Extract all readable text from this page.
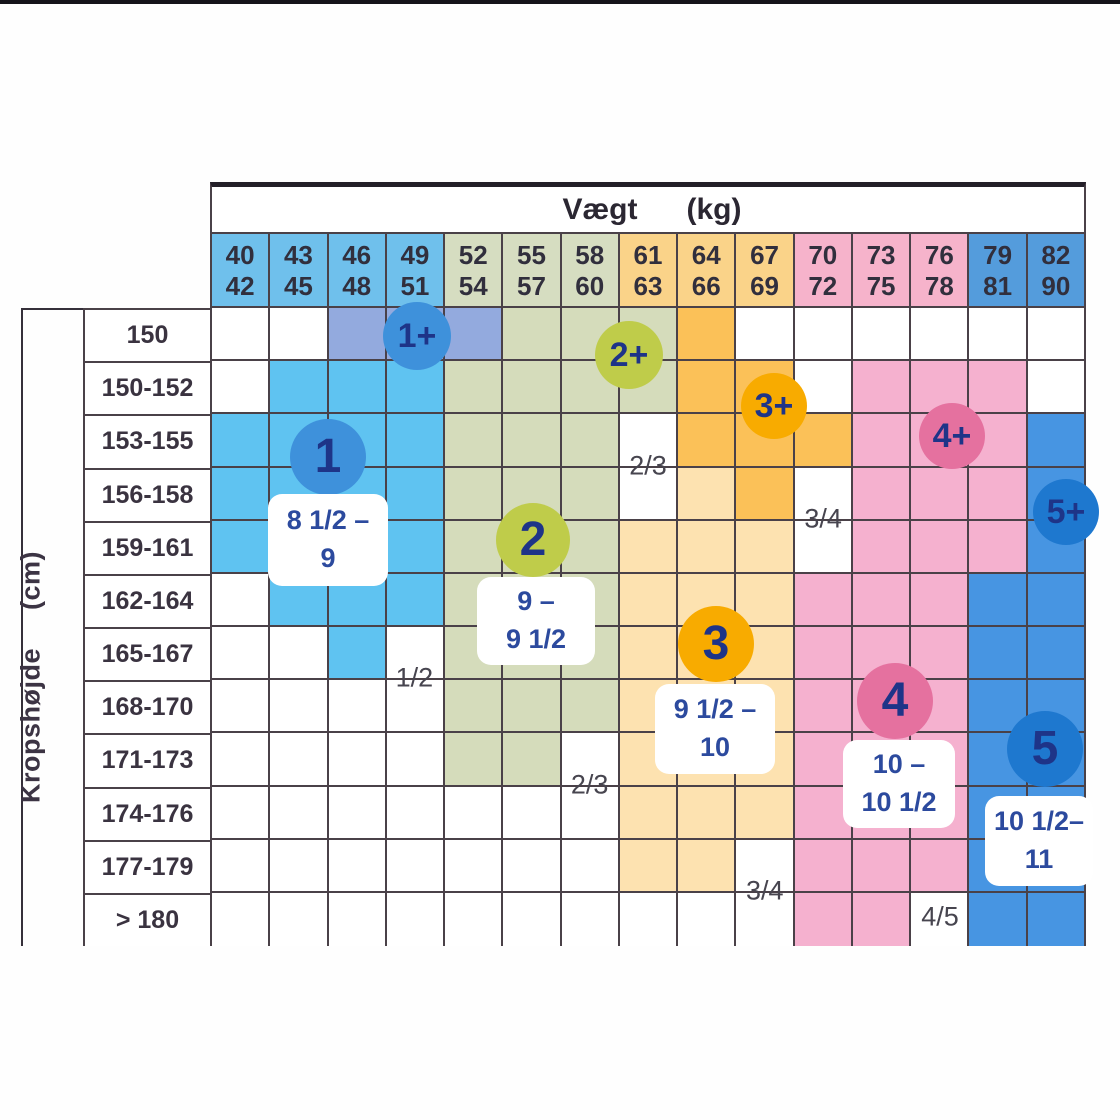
Vægt (kg)
40
42
43
45
46
48
49
51
52
54
55
57
58
60
61
63
64
66
67
69
70
72
73
75
76
78
79
81
82
90
Kropshøjde(cm)
150
150-152
153-155
156-158
159-161
162-164
165-167
168-170
171-173
174-176
177-179
> 180
1
1+
2
2+
3
3+
4
4+
5
5+
8 1/2 –
9
9 –
9 1/2
9 1/2 –
10
10 –
10 1/2
10 1/2–
11
2/3
3/4
1/2
2/3
3/4
4/5
